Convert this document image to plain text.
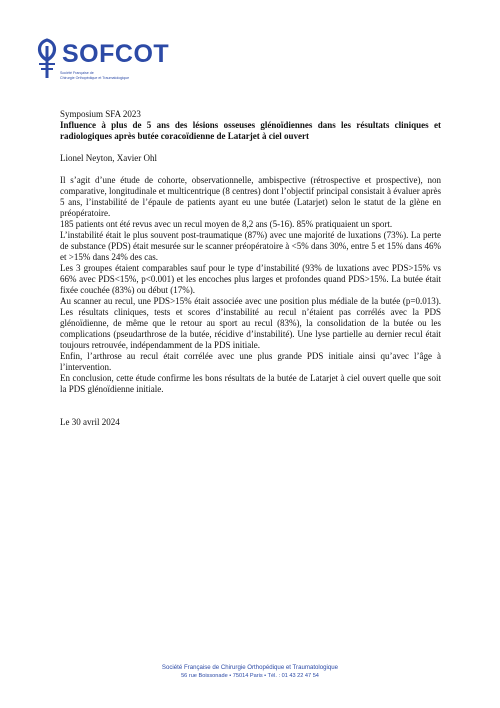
SOFCOT
Société Française de
Chirurgie Orthopédique et Traumatologique

Symposium SFA 2023

Influence à plus de 5 ans des lésions osseuses glénoïdiennes dans les résultats cliniques et radiologiques après butée coracoïdienne de Latarjet à ciel ouvert

Lionel Neyton, Xavier Ohl

Il s’agit d’une étude de cohorte, observationnelle, ambispective (rétrospective et prospective), non comparative, longitudinale et multicentrique (8 centres) dont l’objectif principal consistait à évaluer après 5 ans, l’instabilité de l’épaule de patients ayant eu une butée (Latarjet) selon le statut de la glène en préopératoire.

185 patients ont été revus avec un recul moyen de 8,2 ans (5-16). 85% pratiquaient un sport.

L’instabilité était le plus souvent post-traumatique (87%) avec une majorité de luxations (73%). La perte de substance (PDS) était mesurée sur le scanner préopératoire à <5% dans 30%, entre 5 et 15% dans 46% et >15% dans 24% des cas.

Les 3 groupes étaient comparables sauf pour le type d’instabilité (93% de luxations avec PDS>15% vs 66% avec PDS<15%, p<0.001) et les encoches plus larges et profondes quand PDS>15%. La butée était fixée couchée (83%) ou début (17%).

Au scanner au recul, une PDS>15% était associée avec une position plus médiale de la butée (p=0.013). Les résultats cliniques, tests et scores d’instabilité au recul n’étaient pas corrélés avec la PDS glénoïdienne, de même que le retour au sport au recul (83%), la consolidation de la butée ou les complications (pseudarthrose de la butée, récidive d’instabilité). Une lyse partielle au dernier recul était toujours retrouvée, indépendamment de la PDS initiale.

Enfin, l’arthrose au recul était corrélée avec une plus grande PDS initiale ainsi qu’avec l’âge à l’intervention.

En conclusion, cette étude confirme les bons résultats de la butée de Latarjet à ciel ouvert quelle que soit la PDS glénoïdienne initiale.

Le 30 avril 2024

Société Française de Chirurgie Orthopédique et Traumatologique
56 rue Boissonade • 75014 Paris • Tél. : 01 43 22 47 54
